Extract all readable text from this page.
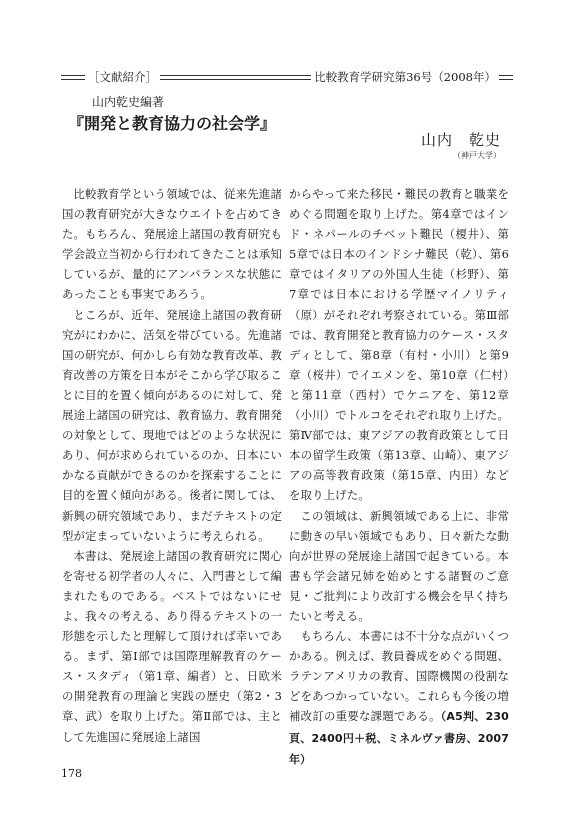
［文献紹介］	比較教育学研究第36号（2008年）
山内乾史編著
『開発と教育協力の社会学』
山内　乾史
（神戸大学）

比較教育学という領域では、従来先進諸国の教育研究が大きなウエイトを占めてきた。もちろん、発展途上諸国の教育研究も学会設立当初から行われてきたことは承知しているが、量的にアンバランスな状態にあったことも事実であろう。

ところが、近年、発展途上諸国の教育研究がにわかに、活気を帯びている。先進諸国の研究が、何かしら有効な教育改革、教育改善の方策を日本がそこから学び取ることに目的を置く傾向があるのに対して、発展途上諸国の研究は、教育協力、教育開発の対象として、現地ではどのような状況にあり、何が求められているのか、日本にいかなる貢献ができるのかを探索することに目的を置く傾向がある。後者に関しては、新興の研究領域であり、まだテキストの定型が定まっていないように考えられる。

本書は、発展途上諸国の教育研究に関心を寄せる初学者の人々に、入門書として編まれたものである。ベストではないにせよ、我々の考える、あり得るテキストの一形態を示したと理解して頂ければ幸いである。まず、第Ⅰ部では国際理解教育のケース・スタディ（第1章、編者）と、日欧米の開発教育の理論と実践の歴史（第2・3章、武）を取り上げた。第Ⅱ部では、主として先進国に発展途上諸国

からやって来た移民・難民の教育と職業をめぐる問題を取り上げた。第4章ではインド・ネパールのチベット難民（榎井）、第5章では日本のインドシナ難民（乾）、第6章ではイタリアの外国人生徒（杉野）、第7章では日本における学歴マイノリティ（原）がそれぞれ考察されている。第Ⅲ部では、教育開発と教育協力のケース・スタディとして、第8章（有村・小川）と第9章（桜井）でイエメンを、第10章（仁村）と第11章（西村）でケニアを、第12章（小川）でトルコをそれぞれ取り上げた。第Ⅳ部では、東アジアの教育政策として日本の留学生政策（第13章、山崎）、東アジアの高等教育政策（第15章、内田）などを取り上げた。

この領域は、新興領域である上に、非常に動きの早い領域でもあり、日々新たな動向が世界の発展途上諸国で起きている。本書も学会諸兄姉を始めとする諸賢のご意見・ご批判により改訂する機会を早く持ちたいと考える。

もちろん、本書には不十分な点がいくつかある。例えば、教員養成をめぐる問題、ラテンアメリカの教育、国際機関の役割などをあつかっていない。これらも今後の増補改訂の重要な課題である。（A5判、230頁、2400円＋税、ミネルヴァ書房、2007年）

178
